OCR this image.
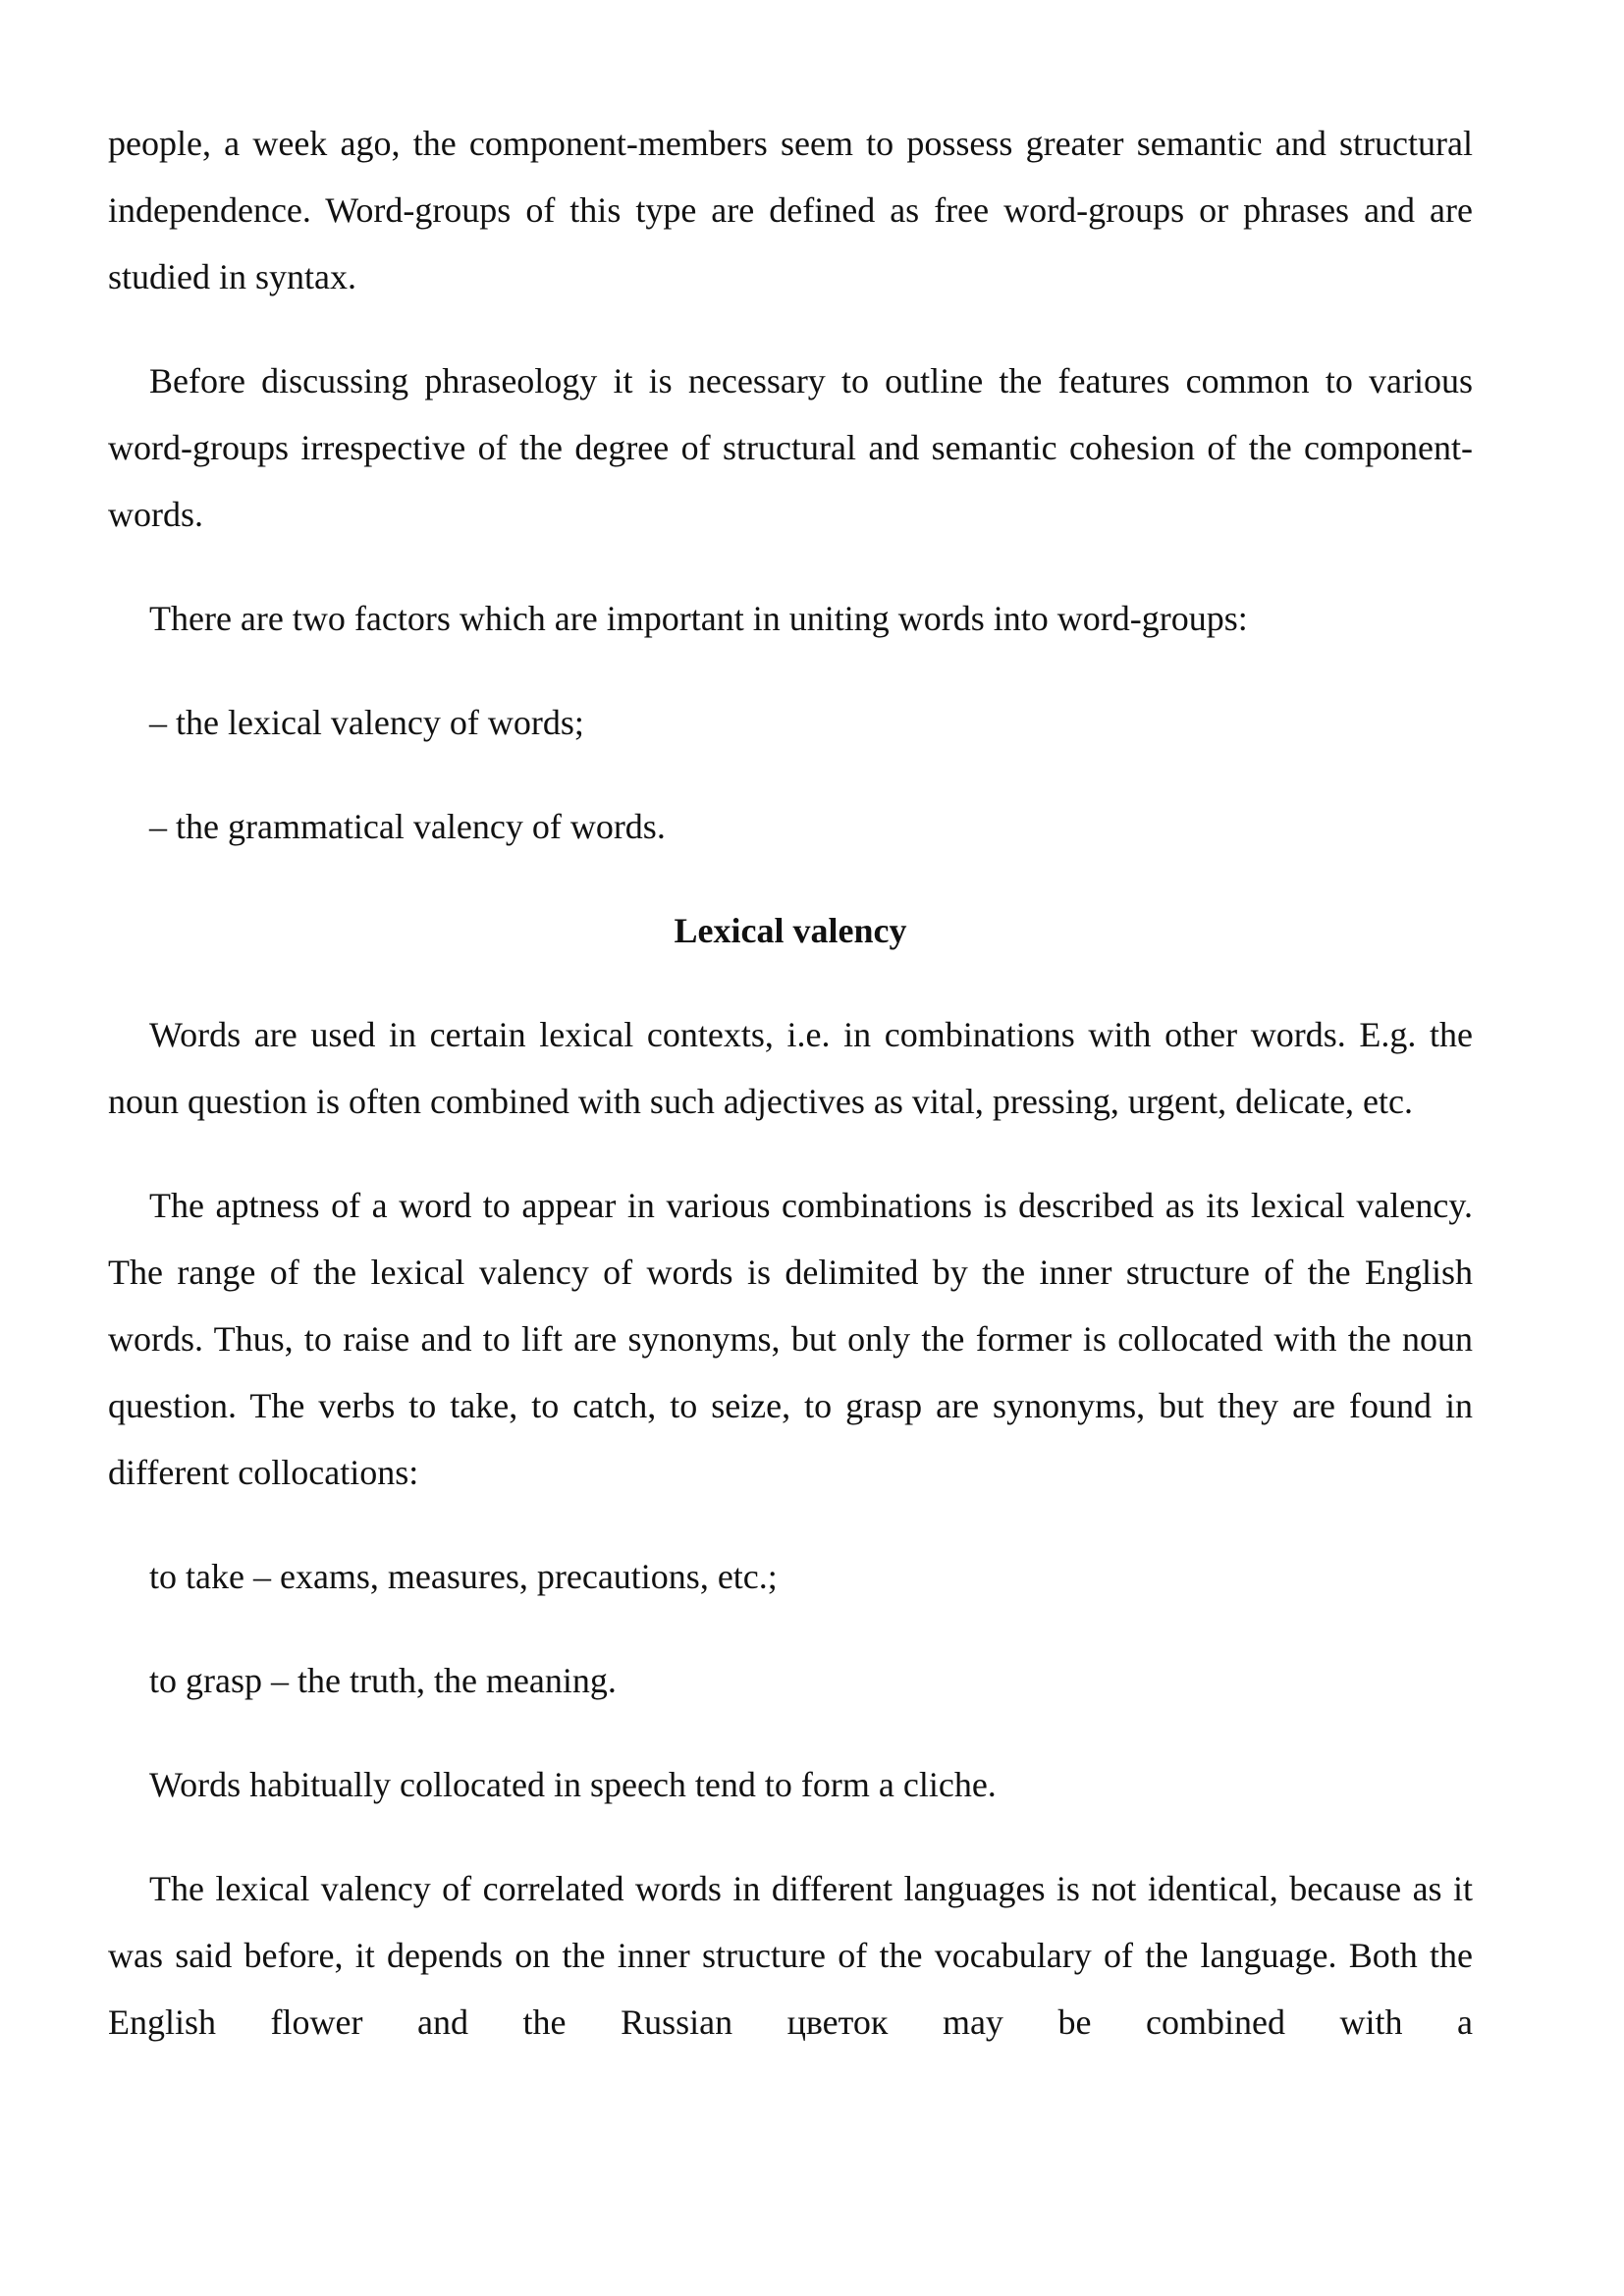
people, a week ago, the component-members seem to possess greater semantic and structural independence. Word-groups of this type are defined as free word-groups or phrases and are studied in syntax.

Before discussing phraseology it is necessary to outline the features common to various word-groups irrespective of the degree of structural and semantic cohesion of the component-words.

There are two factors which are important in uniting words into word-groups:

– the lexical valency of words;

– the grammatical valency of words.

Lexical valency

Words are used in certain lexical contexts, i.e. in combinations with other words. E.g. the noun question is often combined with such adjectives as vital, pressing, urgent, delicate, etc.

The aptness of a word to appear in various combinations is described as its lexical valency. The range of the lexical valency of words is delimited by the inner structure of the English words. Thus, to raise and to lift are synonyms, but only the former is collocated with the noun question. The verbs to take, to catch, to seize, to grasp are synonyms, but they are found in different collocations:

to take – exams, measures, precautions, etc.;

to grasp – the truth, the meaning.

Words habitually collocated in speech tend to form a cliche.

The lexical valency of correlated words in different languages is not identical, because as it was said before, it depends on the inner structure of the vocabulary of the language. Both the English flower and the Russian цветок may be combined with a
